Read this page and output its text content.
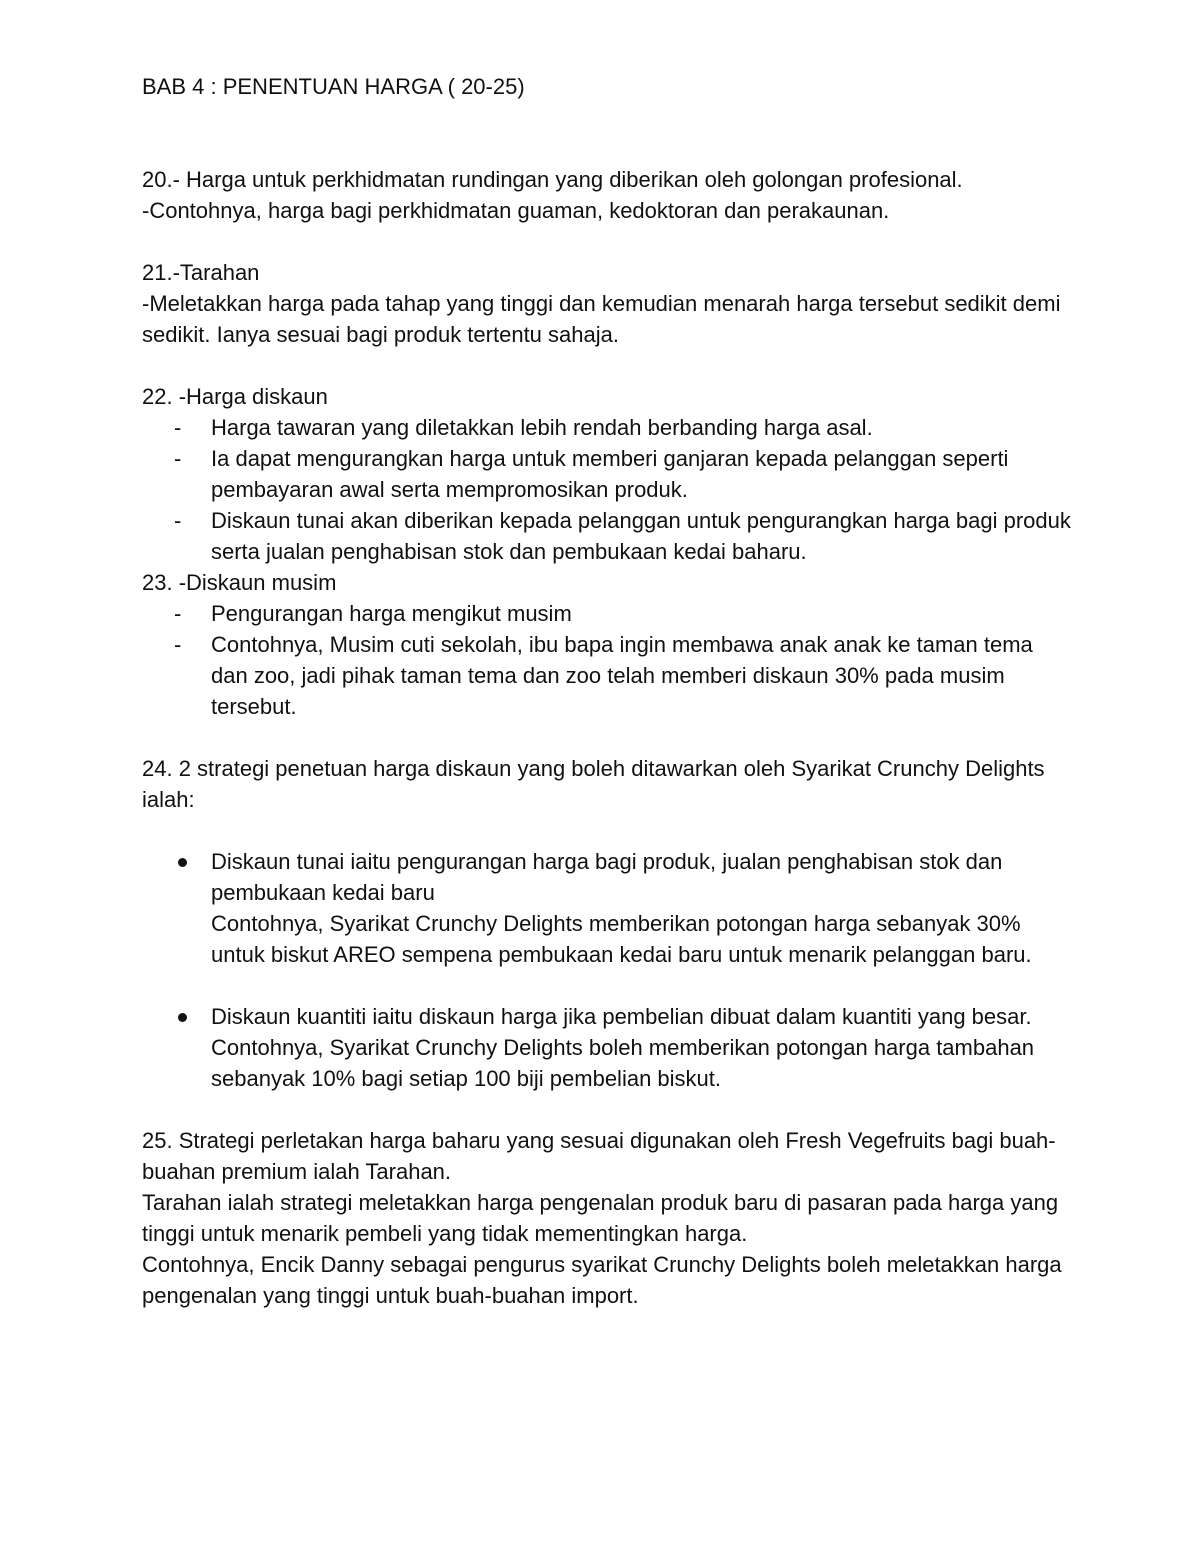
BAB 4 : PENENTUAN HARGA ( 20-25)

20.- Harga untuk perkhidmatan rundingan yang diberikan oleh golongan profesional.

-Contohnya, harga bagi perkhidmatan guaman, kedoktoran dan perakaunan.

21.-Tarahan

-Meletakkan harga pada tahap yang tinggi dan kemudian menarah harga tersebut sedikit demi sedikit. Ianya sesuai bagi produk tertentu sahaja.

22. -Harga diskaun

- Harga tawaran yang diletakkan lebih rendah berbanding harga asal.
- Ia dapat mengurangkan harga untuk memberi ganjaran kepada pelanggan seperti pembayaran awal serta mempromosikan produk.
- Diskaun tunai akan diberikan kepada pelanggan untuk pengurangkan harga bagi produk serta jualan penghabisan stok dan pembukaan kedai baharu.

23. -Diskaun musim

- Pengurangan harga mengikut musim
- Contohnya, Musim cuti sekolah, ibu bapa ingin membawa anak anak ke taman tema dan zoo, jadi pihak taman tema dan zoo telah memberi diskaun 30% pada musim tersebut.

24. 2 strategi penetuan harga diskaun yang boleh ditawarkan oleh Syarikat Crunchy Delights ialah:

Diskaun tunai iaitu pengurangan harga bagi produk, jualan penghabisan stok dan pembukaan kedai baru

Contohnya, Syarikat Crunchy Delights memberikan potongan harga sebanyak 30% untuk biskut AREO sempena pembukaan kedai baru untuk menarik pelanggan baru.

Diskaun kuantiti iaitu diskaun harga jika pembelian dibuat dalam kuantiti yang besar.

Contohnya, Syarikat Crunchy Delights boleh memberikan potongan harga tambahan sebanyak 10% bagi setiap 100 biji pembelian biskut.

25. Strategi perletakan harga baharu yang sesuai digunakan oleh Fresh Vegefruits bagi buah-buahan premium ialah Tarahan.

Tarahan ialah strategi meletakkan harga pengenalan produk baru di pasaran pada harga yang tinggi untuk menarik pembeli yang tidak mementingkan harga.

Contohnya, Encik Danny sebagai pengurus syarikat Crunchy Delights boleh meletakkan harga pengenalan yang tinggi untuk buah-buahan import.
